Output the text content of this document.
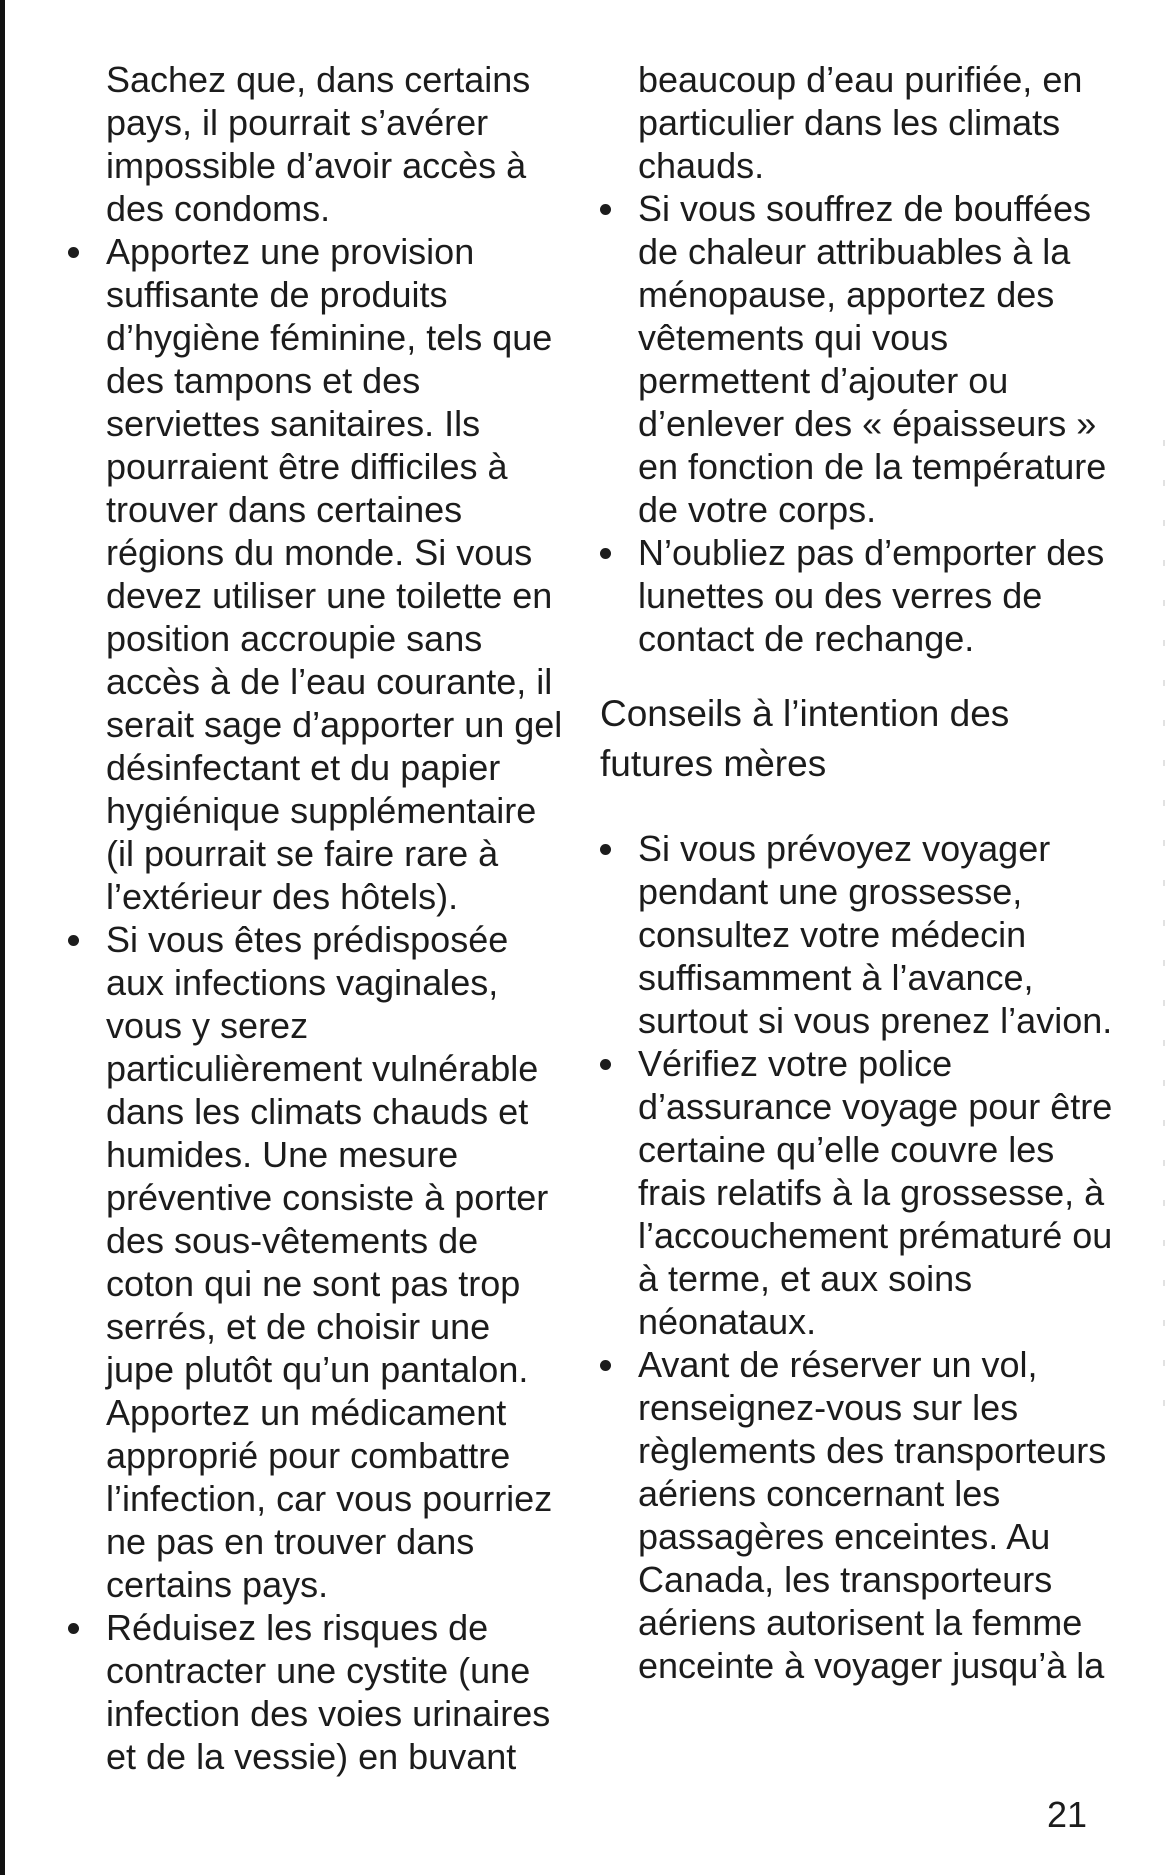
Sachez que, dans certains pays, il pourrait s’avérer impossible d’avoir accès à des condoms.

Apportez une provision suffisante de produits d’hygiène féminine, tels que des tampons et des serviettes sanitaires. Ils pourraient être difficiles à trouver dans certaines régions du monde. Si vous devez utiliser une toilette en position accroupie sans accès à de l’eau courante, il serait sage d’apporter un gel désinfectant et du papier hygiénique supplémentaire (il pourrait se faire rare à l’extérieur des hôtels).
Si vous êtes prédisposée aux infections vaginales, vous y serez particulièrement vulnérable dans les climats chauds et humides. Une mesure préventive consiste à porter des sous-vêtements de coton qui ne sont pas trop serrés, et de choisir une jupe plutôt qu’un pantalon. Apportez un médicament approprié pour combattre l’infection, car vous pourriez ne pas en trouver dans certains pays.
Réduisez les risques de contracter une cystite (une infection des voies urinaires et de la vessie) en buvant

beaucoup d’eau purifiée, en particulier dans les climats chauds.

Si vous souffrez de bouffées de chaleur attribuables à la ménopause, apportez des vêtements qui vous permettent d’ajouter ou d’enlever des « épaisseurs » en fonction de la température de votre corps.
N’oubliez pas d’emporter des lunettes ou des verres de contact de rechange.
Conseils à l’intention des futures mères
Si vous prévoyez voyager pendant une grossesse, consultez votre médecin suffisamment à l’avance, surtout si vous prenez l’avion.
Vérifiez votre police d’assurance voyage pour être certaine qu’elle couvre les frais relatifs à la grossesse, à l’accouchement prématuré ou à terme, et aux soins néonataux.
Avant de réserver un vol, renseignez-vous sur les règlements des transporteurs aériens concernant les passagères enceintes. Au Canada, les transporteurs aériens autorisent la femme enceinte à voyager jusqu’à la
21
